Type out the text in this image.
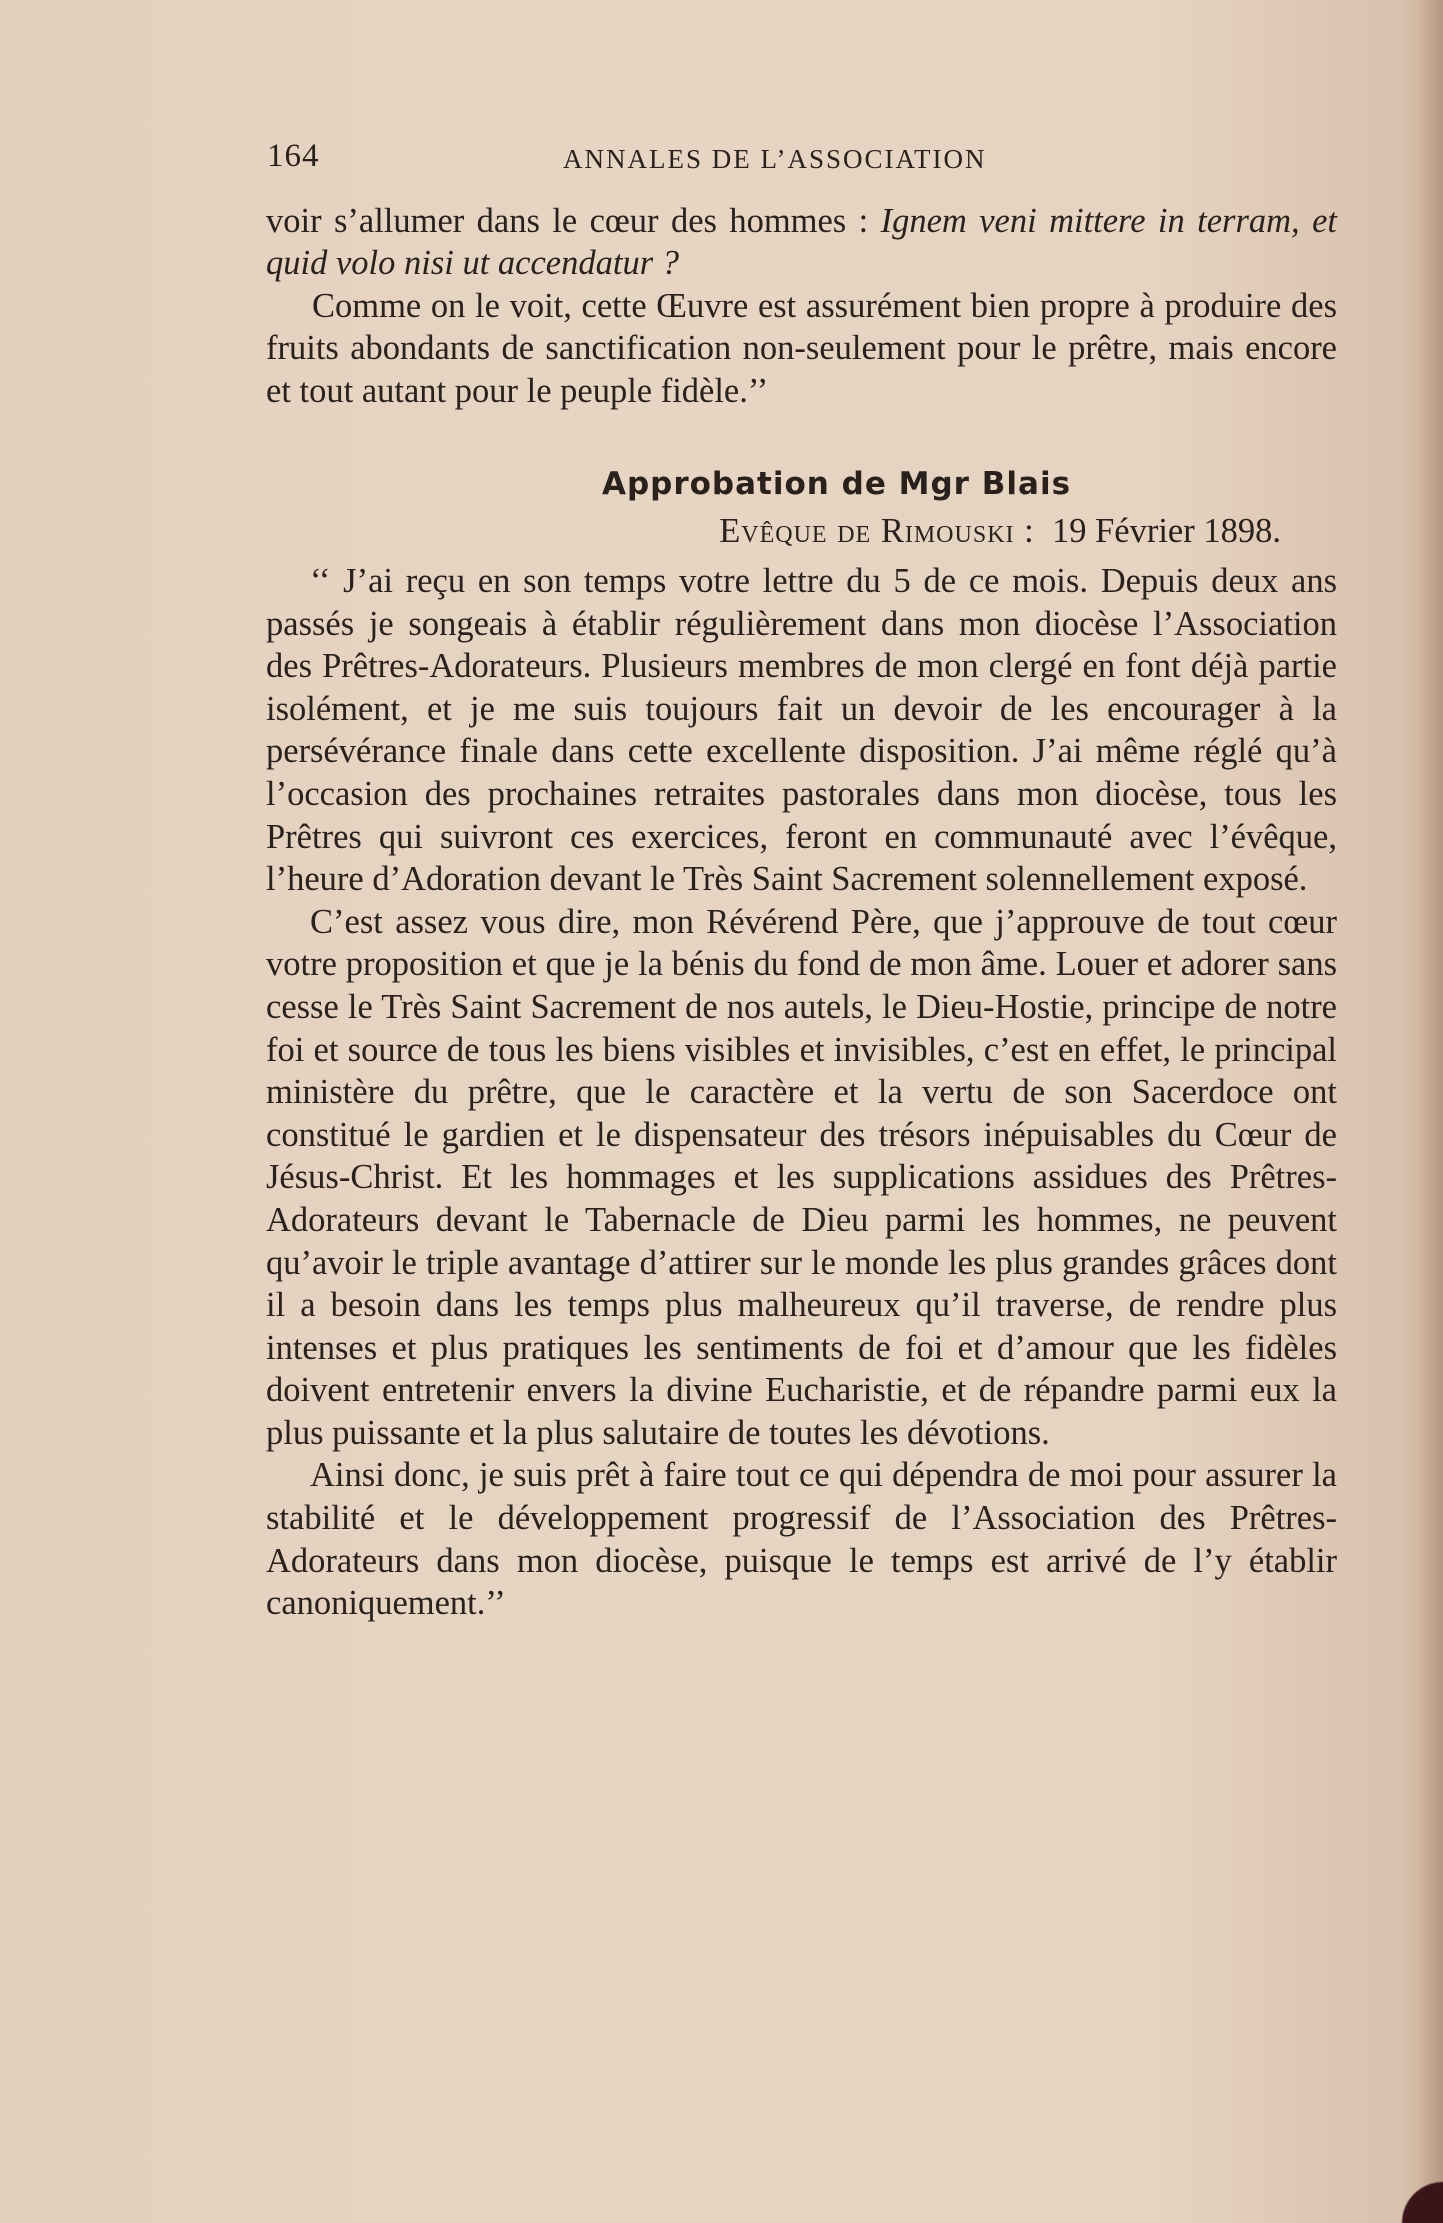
164	ANNALES DE L’ASSOCIATION

voir s’allumer dans le cœur des hommes : Ignem veni mittere in terram, et quid volo nisi ut accendatur ?

Comme on le voit, cette Œuvre est assurément bien propre à produire des fruits abondants de sanctification non-seulement pour le prêtre, mais encore et tout autant pour le peuple fidèle.’’

Approbation de Mgr Blais
Evêque de Rimouski : 19 Février 1898.

‘‘ J’ai reçu en son temps votre lettre du 5 de ce mois. Depuis deux ans passés je songeais à établir régulièrement dans mon diocèse l’Association des Prêtres-Adorateurs. Plusieurs membres de mon clergé en font déjà partie isolément, et je me suis toujours fait un devoir de les encourager à la persévérance finale dans cette excellente disposition. J’ai même réglé qu’à l’occasion des prochaines retraites pastorales dans mon diocèse, tous les Prêtres qui suivront ces exercices, feront en communauté avec l’évêque, l’heure d’Adoration devant le Très Saint Sacrement solennellement exposé.

C’est assez vous dire, mon Révérend Père, que j’approuve de tout cœur votre proposition et que je la bénis du fond de mon âme. Louer et adorer sans cesse le Très Saint Sacrement de nos autels, le Dieu-Hostie, principe de notre foi et source de tous les biens visibles et invisibles, c’est en effet, le principal ministère du prêtre, que le caractère et la vertu de son Sacerdoce ont constitué le gardien et le dispensateur des trésors inépuisables du Cœur de Jésus-Christ. Et les hommages et les supplications assidues des Prêtres-Adorateurs devant le Tabernacle de Dieu parmi les hommes, ne peuvent qu’avoir le triple avantage d’attirer sur le monde les plus grandes grâces dont il a besoin dans les temps plus malheureux qu’il traverse, de rendre plus intenses et plus pratiques les sentiments de foi et d’amour que les fidèles doivent entretenir envers la divine Eucharistie, et de répandre parmi eux la plus puissante et la plus salutaire de toutes les dévotions.

Ainsi donc, je suis prêt à faire tout ce qui dépendra de moi pour assurer la stabilité et le développement progressif de l’Association des Prêtres-Adorateurs dans mon diocèse, puisque le temps est arrivé de l’y établir canoniquement.’’
